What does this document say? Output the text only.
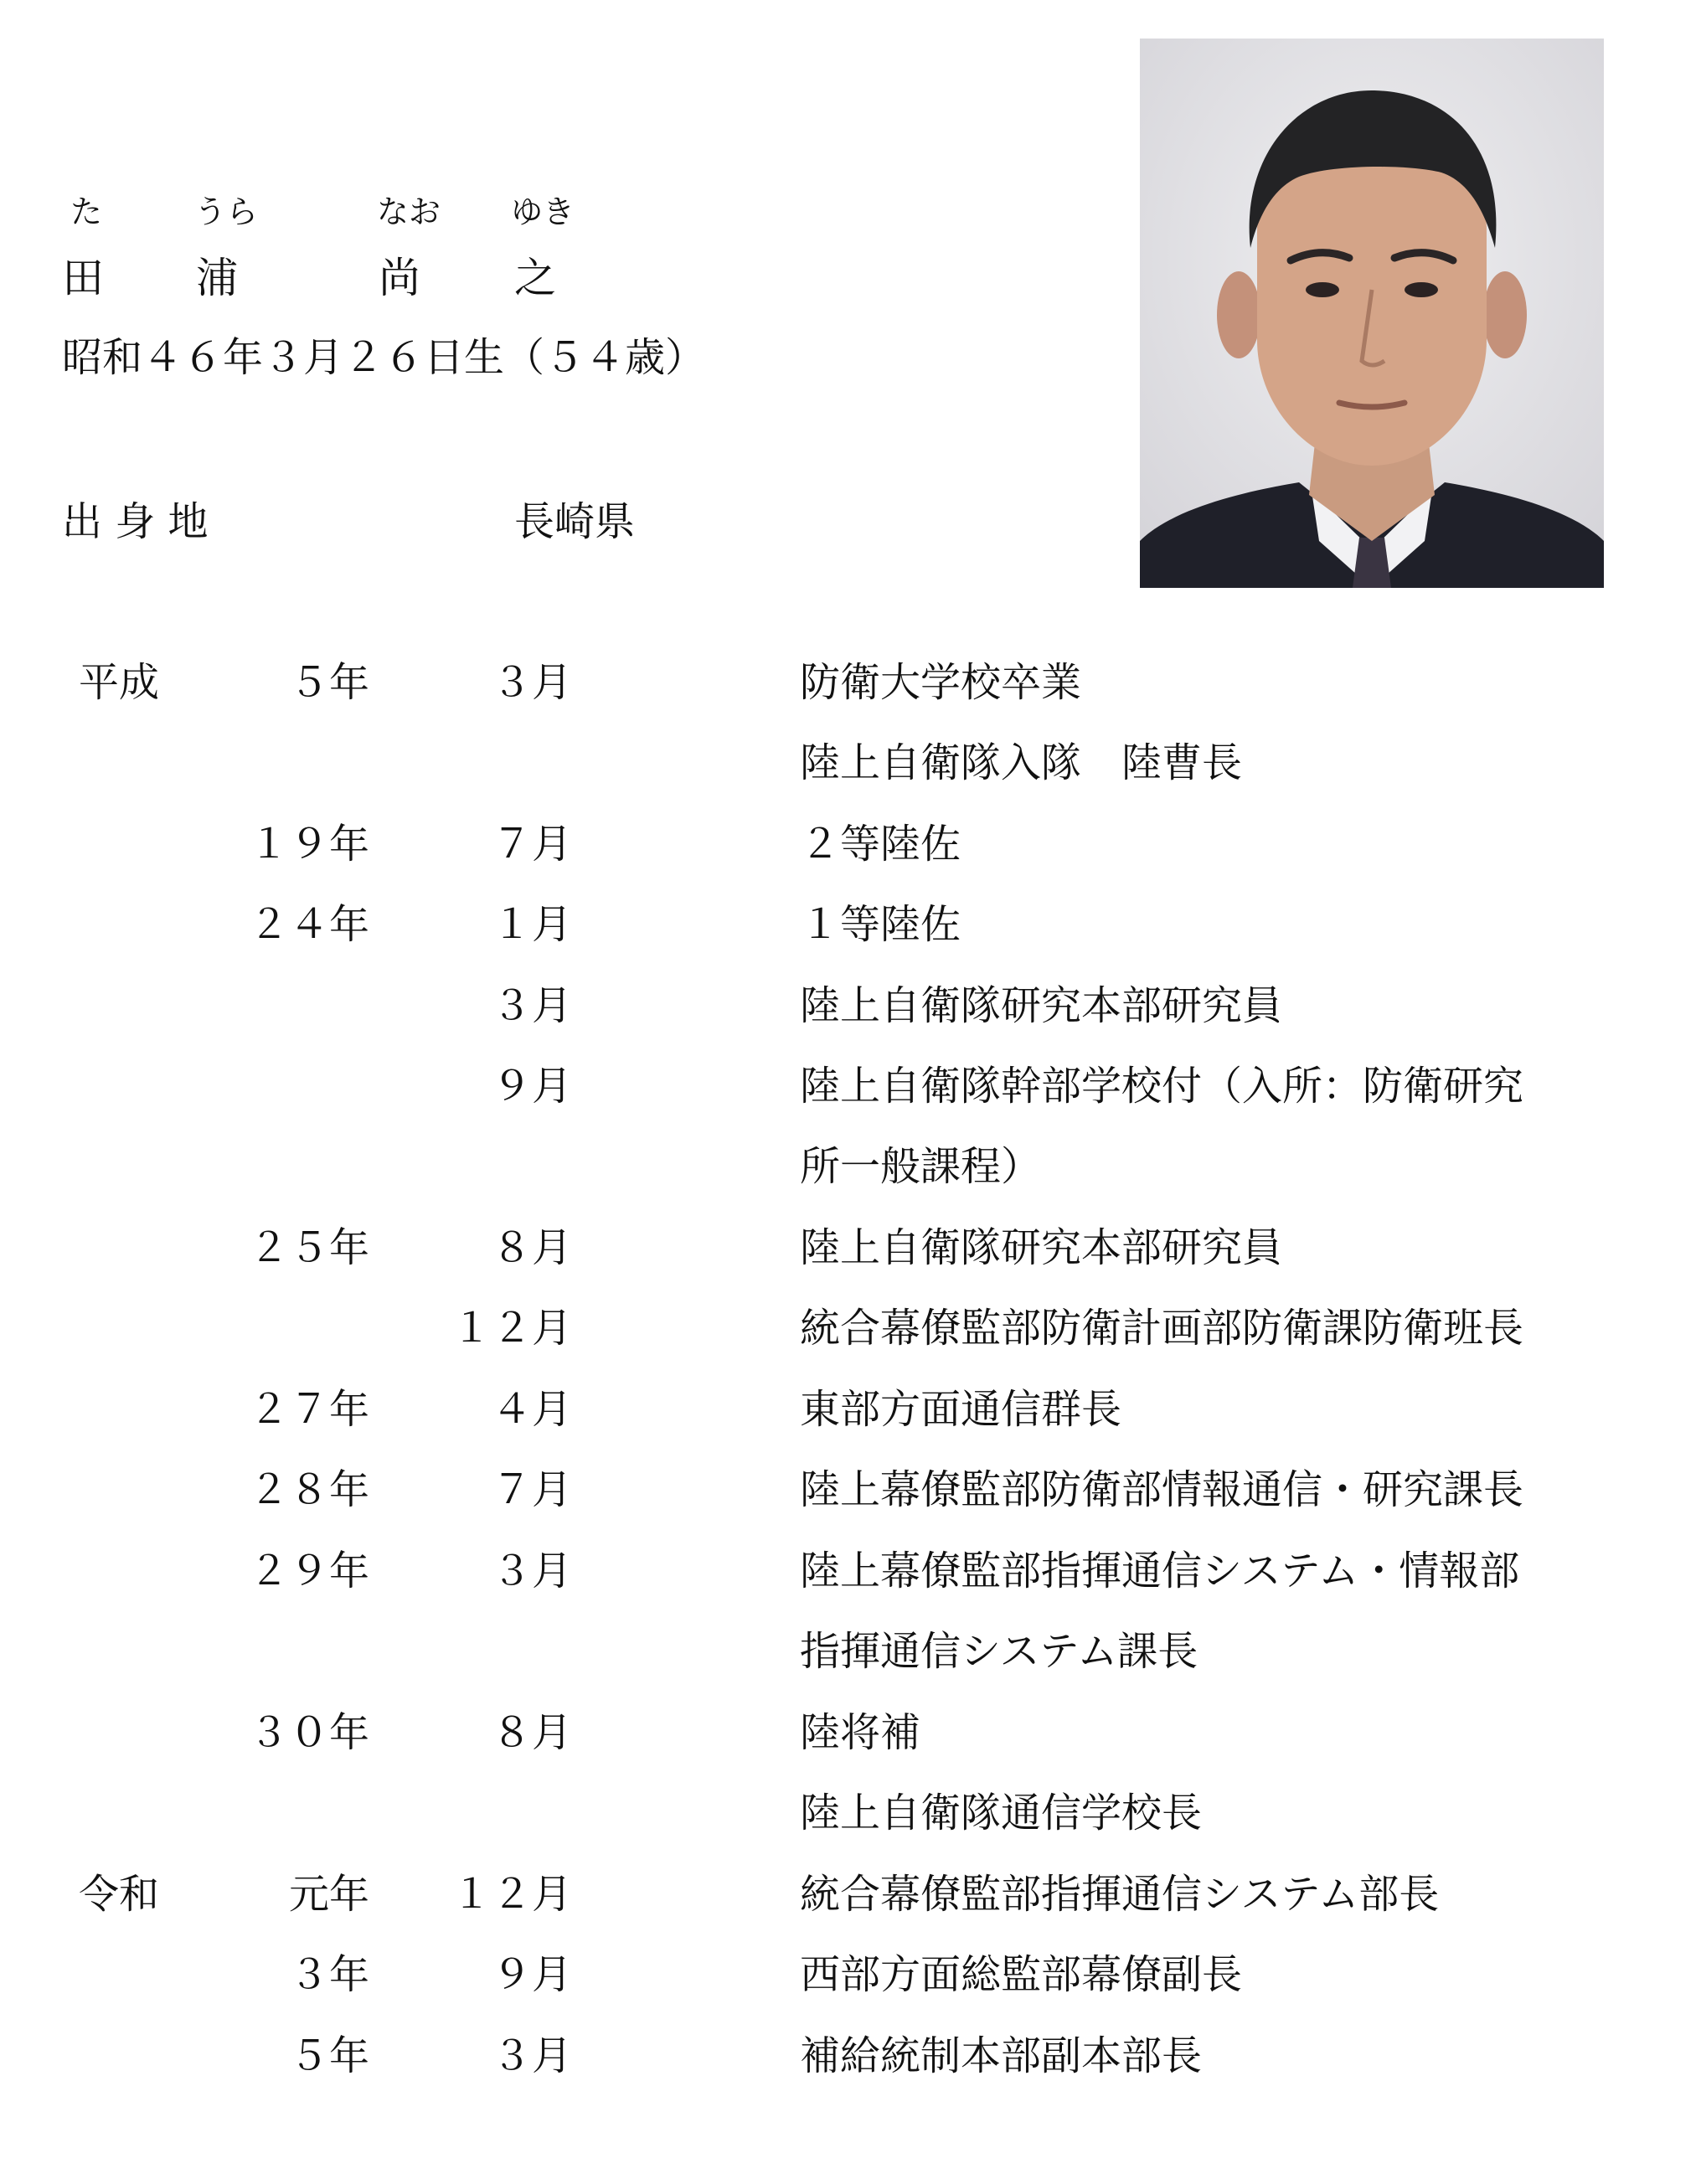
た	うら	なお ゆき
田 浦	尚 之
昭和４６年３月２６日生（５４歳）
出 身 地	長崎県
平成	５年	３月	防衛大学校卒業
陸上自衛隊入隊　陸曹長
１９年	７月	２等陸佐
２４年	１月	１等陸佐
３月	陸上自衛隊研究本部研究員
９月	陸上自衛隊幹部学校付（入所：防衛研究
所一般課程）
２５年	８月	陸上自衛隊研究本部研究員
１２月	統合幕僚監部防衛計画部防衛課防衛班長
２７年	４月	東部方面通信群長
２８年	７月	陸上幕僚監部防衛部情報通信・研究課長
２９年	３月	陸上幕僚監部指揮通信システム・情報部
指揮通信システム課長
３０年	８月	陸将補
陸上自衛隊通信学校長
令和	元年 １２月	統合幕僚監部指揮通信システム部長
３年	９月	西部方面総監部幕僚副長
５年	３月	補給統制本部副本部長
